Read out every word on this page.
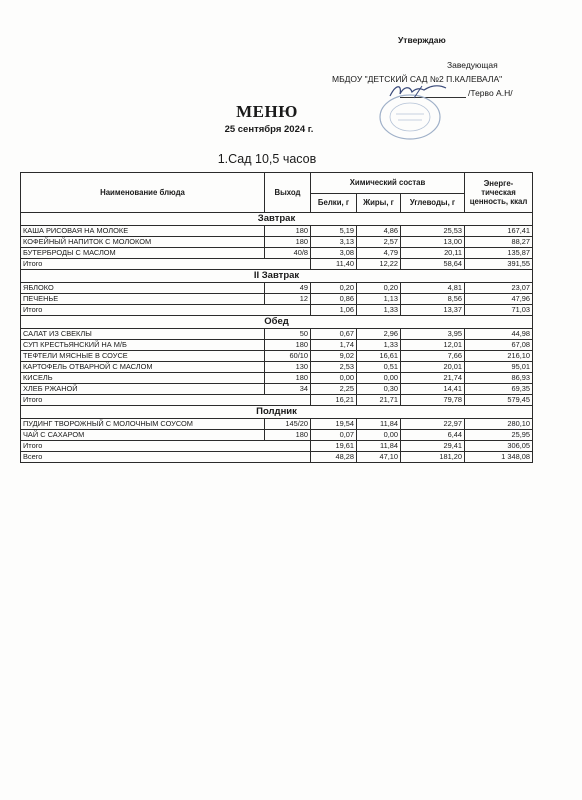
Утверждаю
Заведующая
МБДОУ "ДЕТСКИЙ САД №2 П.КАЛЕВАЛА"
/Терво А.Н/
МЕНЮ
25 сентября 2024 г.
1.Сад 10,5 часов
Наименование блюда	Выход	Химический состав			Энерге-тическая ценность, ккал
		Белки, г	Жиры, г	Углеводы, г	
Завтрак					
КАША РИСОВАЯ НА МОЛОКЕ	180	5,19	4,86	25,53	167,41
КОФЕЙНЫЙ НАПИТОК С МОЛОКОМ	180	3,13	2,57	13,00	88,27
БУТЕРБРОДЫ С МАСЛОМ	40/8	3,08	4,79	20,11	135,87
Итого		11,40	12,22	58,64	391,55
II Завтрак					
ЯБЛОКО	49	0,20	0,20	4,81	23,07
ПЕЧЕНЬЕ	12	0,86	1,13	8,56	47,96
Итого		1,06	1,33	13,37	71,03
Обед					
САЛАТ ИЗ СВЕКЛЫ	50	0,67	2,96	3,95	44,98
СУП КРЕСТЬЯНСКИЙ НА М/Б	180	1,74	1,33	12,01	67,08
ТЕФТЕЛИ МЯСНЫЕ В СОУСЕ	60/10	9,02	16,61	7,66	216,10
КАРТОФЕЛЬ ОТВАРНОЙ С МАСЛОМ	130	2,53	0,51	20,01	95,01
КИСЕЛЬ	180	0,00	0,00	21,74	86,93
ХЛЕБ РЖАНОЙ	34	2,25	0,30	14,41	69,35
Итого		16,21	21,71	79,78	579,45
Полдник					
ПУДИНГ ТВОРОЖНЫЙ С МОЛОЧНЫМ СОУСОМ	145/20	19,54	11,84	22,97	280,10
ЧАЙ С САХАРОМ	180	0,07	0,00	6,44	25,95
Итого		19,61	11,84	29,41	306,05
Всего		48,28	47,10	181,20	1 348,08
